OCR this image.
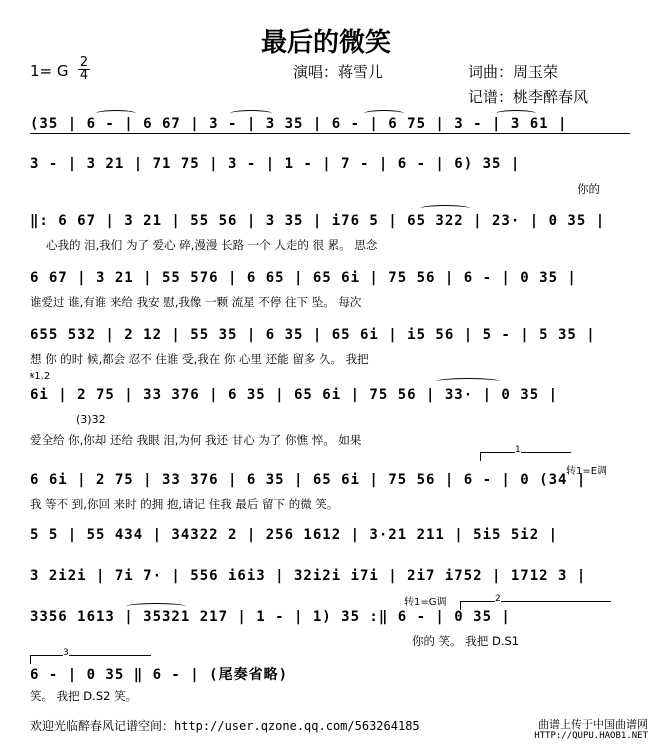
最后的微笑
1= G $\frac{2}{4}$	演唱：蒋雪儿	词曲：周玉荣
记谱：桃李醉春风
(35 | 6 - | 6 67 | 3 - | 3 35 | 6 - | 6 75 | 3 - | 3 61 |
3 - | 3 21 | 71 75 | 3 - | 1 - | 7 - | 6 - | 6) 35 |
你的
‖: 6 67 | 3 21 | 55 56 | 3 35 | i76 5 | 65 322 | 23· | 0 35 |
心我的 泪,我们 为了 爱心 碎,漫漫 长路 一个 人走的 很 累。 思念
6 67 | 3 21 | 55 576 | 6 65 | 65 6i | 75 56 | 6 - | 0 35 |
谁爱过 谁,有谁 来给 我安 慰,我像 一颗 流星 不停 往下 坠。 每次
655 532 | 2 12 | 55 35 | 6 35 | 65 6i | i5 56 | 5 - | 5 35 |
想 你 的时 候,都会 忍不 住谁 受,我在 你 心里 还能 留多 久。 我把
𝄋1.2
6i | 2 75 | 33 376 | 6 35 | 65 6i | 75 56 | 33· | 0 35 |
(3)32
爱全给 你,你却 还给 我眼 泪,为何 我还 甘心 为了 你憔 悴。 如果
1
转1=E调
6 6i | 2 75 | 33 376 | 6 35 | 65 6i | 75 56 | 6 - | 0 (34 |
我 等不 到,你回 来时 的拥 抱,请记 住我 最后 留下 的微 笑。
5 5 | 55 434 | 34322 2 | 256 1612 | 3·21 211 | 5i5 5i2 |
3 2i2i | 7i 7· | 556 i6i3 | 32i2i i7i | 2i7 i752 | 1712 3 |
转1=G调	2
3356 1613 | 35321 217 | 1 - | 1) 35 :‖ 6 - | 0 35 |
你的 笑。 我把 D.S1
3
6 - | 0 35 ‖ 6 - | (尾奏省略)
笑。 我把 D.S2 笑。
欢迎光临醉春风记谱空间：http://user.qzone.qq.com/563264185	曲谱上传于中国曲谱网
HTTP://QUPU.HAOB1.NET
